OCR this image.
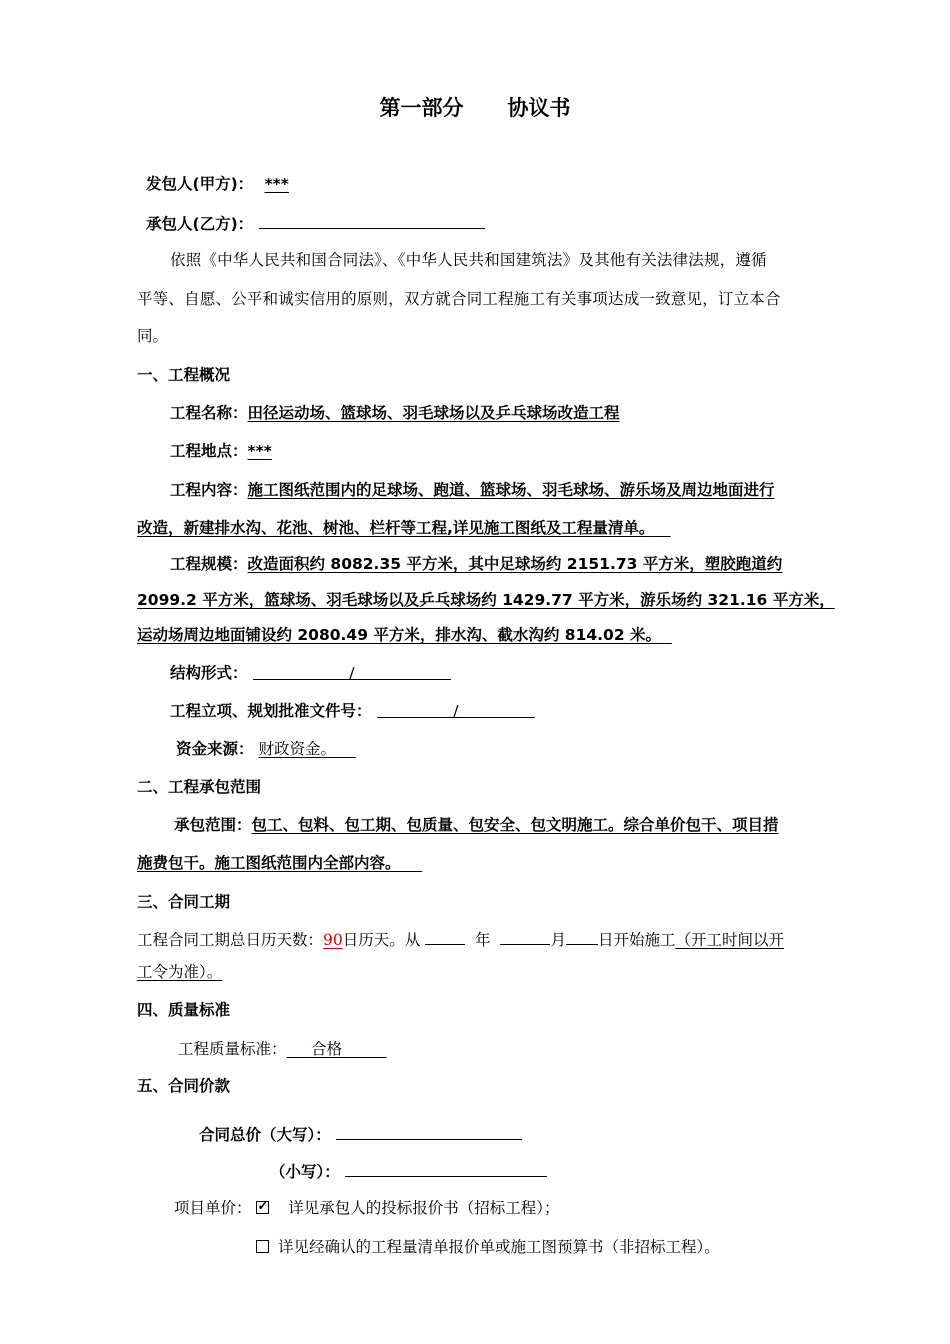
第一部分 协议书
发包人(甲方)： ***
承包人(乙方)：
依照《中华人民共和国合同法》、《中华人民共和国建筑法》及其他有关法律法规，遵循
平等、自愿、公平和诚实信用的原则，双方就合同工程施工有关事项达成一致意见，订立本合
同。
一、工程概况
工程名称：田径运动场、篮球场、羽毛球场以及乒乓球场改造工程
工程地点：***
工程内容：施工图纸范围内的足球场、跑道、篮球场、羽毛球场、游乐场及周边地面进行
改造，新建排水沟、花池、树池、栏杆等工程,详见施工图纸及工程量清单。
工程规模：改造面积约 8082.35 平方米，其中足球场约 2151.73 平方米，塑胶跑道约
2099.2 平方米，篮球场、羽毛球场以及乒乓球场约 1429.77 平方米，游乐场约 321.16 平方米，
运动场周边地面铺设约 2080.49 平方米，排水沟、截水沟约 814.02 米。
结构形式：	/
工程立项、规划批准文件号：	/
资金来源： 财政资金。
二、工程承包范围
承包范围：包工、包料、包工期、包质量、包安全、包文明施工。综合单价包干、项目措
施费包干。施工图纸范围内全部内容。
三、合同工期
工程合同工期总日历天数：90日历天。从	年	月 日开始施工（开工时间以开
工令为准）。
四、质量标准
工程质量标准： 合格
五、合同价款
合同总价（大写）：
（小写）：
项目单价： ✓ 详见承包人的投标报价书（招标工程）；
详见经确认的工程量清单报价单或施工图预算书（非招标工程）。
